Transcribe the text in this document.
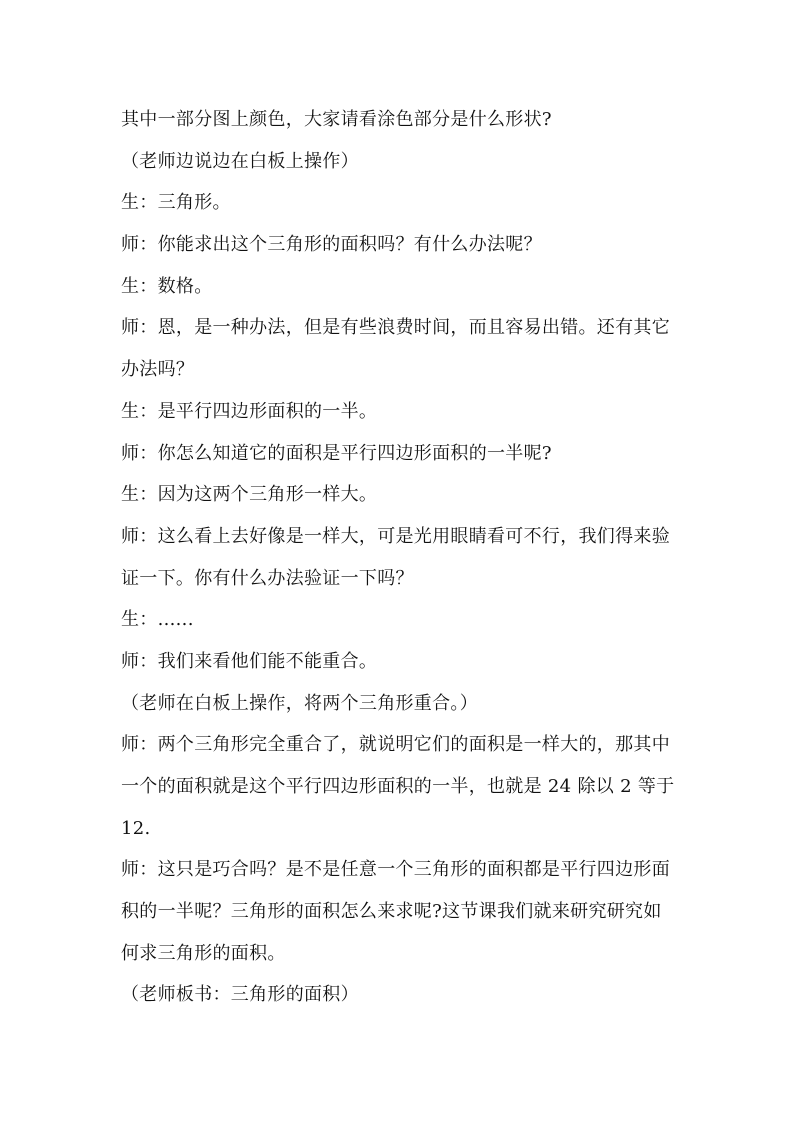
其中一部分图上颜色，大家请看涂色部分是什么形状?
（老师边说边在白板上操作）
生：三角形。
师：你能求出这个三角形的面积吗？有什么办法呢？
生：数格。
师：恩，是一种办法，但是有些浪费时间，而且容易出错。还有其它
办法吗？
生：是平行四边形面积的一半。
师：你怎么知道它的面积是平行四边形面积的一半呢?
生：因为这两个三角形一样大。
师：这么看上去好像是一样大，可是光用眼睛看可不行，我们得来验
证一下。你有什么办法验证一下吗？
生：......
师：我们来看他们能不能重合。
（老师在白板上操作，将两个三角形重合。）
师：两个三角形完全重合了，就说明它们的面积是一样大的，那其中
一个的面积就是这个平行四边形面积的一半，也就是 24 除以 2 等于
12.
师：这只是巧合吗？是不是任意一个三角形的面积都是平行四边形面
积的一半呢？三角形的面积怎么来求呢?这节课我们就来研究研究如
何求三角形的面积。
（老师板书：三角形的面积）
